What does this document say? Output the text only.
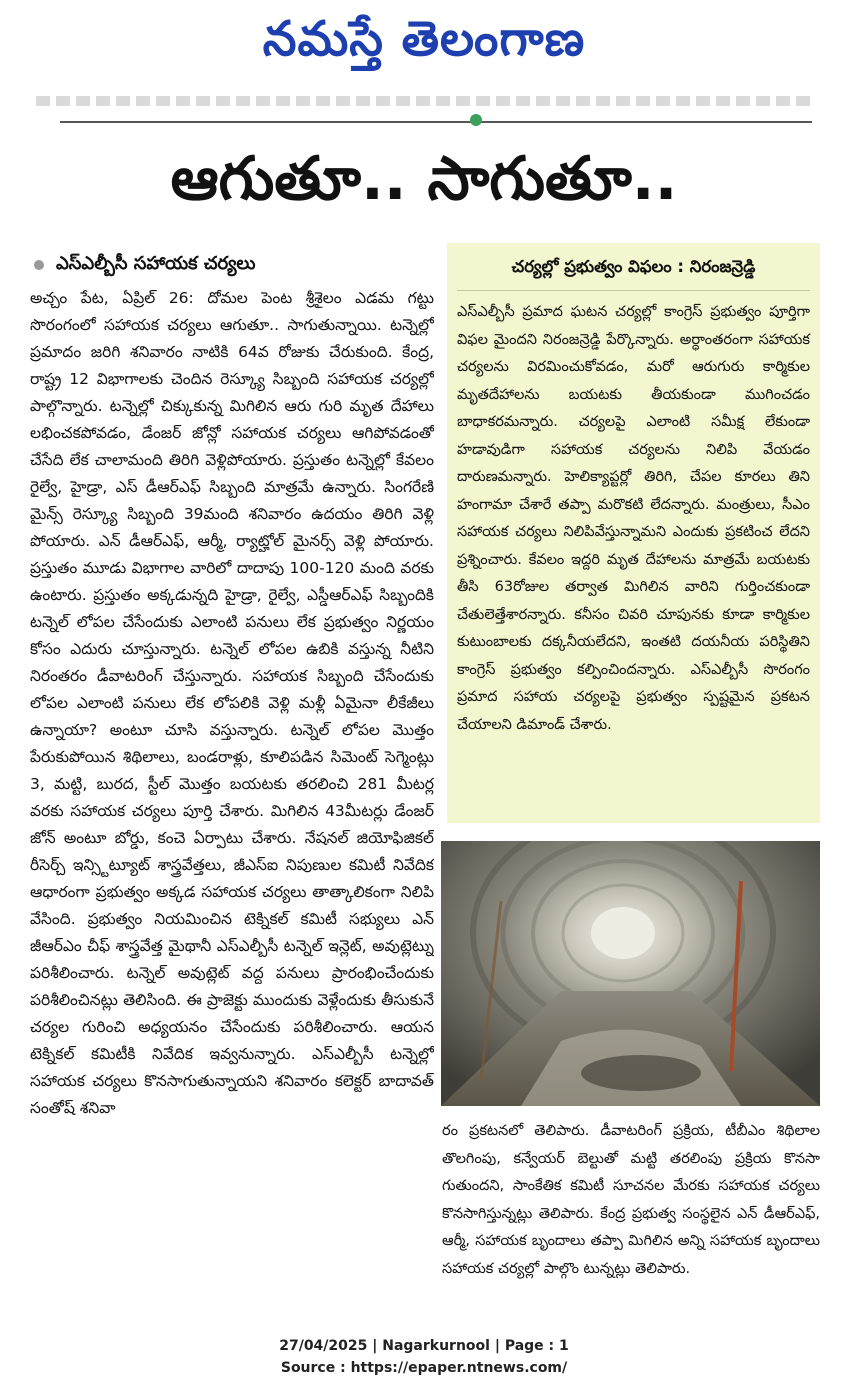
నమస్తే తెలంగాణ
ఆగుతూ.. సాగుతూ..
ఎస్ఎల్బీసీ సహాయక చర్యలు

అచ్చం పేట, ఏప్రిల్ 26: దోమల పెంట శ్రీశైలం ఎడమ గట్టు సొరంగంలో సహాయక చర్యలు ఆగుతూ.. సాగుతున్నాయి. టన్నెల్లో ప్రమాదం జరిగి శనివారం నాటికి 64వ రోజుకు చేరుకుంది. కేంద్ర, రాష్ట్ర 12 విభాగాలకు చెందిన రెస్క్యూ సిబ్బంది సహాయక చర్యల్లో పాల్గొన్నారు. టన్నెల్లో చిక్కుకున్న మిగిలిన ఆరు గురి మృత దేహాలు లభించకపోవడం, డేంజర్ జోన్లో సహాయక చర్యలు ఆగిపోవడంతో చేసేది లేక చాలామంది తిరిగి వెళ్లిపోయారు. ప్రస్తుతం టన్నెల్లో కేవలం రైల్వే, హైడ్రా, ఎస్ డీఆర్ఎఫ్ సిబ్బంది మాత్రమే ఉన్నారు. సింగరేణి మైన్స్ రెస్క్యూ సిబ్బంది 39మంది శనివారం ఉదయం తిరిగి వెళ్లి పోయారు. ఎన్ డీఆర్ఎఫ్, ఆర్మీ, ర్యాట్హోల్ మైనర్స్ వెళ్లి పోయారు. ప్రస్తుతం మూడు విభాగాల వారిలో దాదాపు 100-120 మంది వరకు ఉంటారు. ప్రస్తుతం అక్కడున్నది హైడ్రా, రైల్వే, ఎస్డీఆర్ఎఫ్ సిబ్బందికి టన్నెల్ లోపల చేసేందుకు ఎలాంటి పనులు లేక ప్రభుత్వం నిర్ణయం కోసం ఎదురు చూస్తున్నారు. టన్నెల్ లోపల ఉబికి వస్తున్న నీటిని నిరంతరం డీవాటరింగ్ చేస్తున్నారు. సహాయక సిబ్బంది చేసేందుకు లోపల ఎలాంటి పనులు లేక లోపలికి వెళ్లి మళ్లీ ఏమైనా లీకేజీలు ఉన్నాయా? అంటూ చూసి వస్తున్నారు. టన్నెల్ లోపల మొత్తం పేరుకుపోయిన శిథిలాలు, బండరాళ్లు, కూలిపడిన సిమెంట్ సెగ్మెంట్లు 3, మట్టి, బురద, స్టీల్ మొత్తం బయటకు తరలించి 281 మీటర్ల వరకు సహాయక చర్యలు పూర్తి చేశారు. మిగిలిన 43మీటర్లు డేంజర్ జోన్ అంటూ బోర్డు, కంచె ఏర్పాటు చేశారు. నేషనల్ జియోఫిజికల్ రీసెర్చ్ ఇన్స్టిట్యూట్ శాస్త్రవేత్తలు, జీఎస్ఐ నిపుణుల కమిటీ నివేదిక ఆధారంగా ప్రభుత్వం అక్కడ సహాయక చర్యలు తాత్కాలికంగా నిలిపి వేసింది. ప్రభుత్వం నియమించిన టెక్నికల్ కమిటీ సభ్యులు ఎన్ జీఆర్ఎం చీఫ్ శాస్త్రవేత్త మైథానీ ఎస్ఎల్బీసీ టన్నెల్ ఇన్లెట్, అవుట్లెట్ను పరిశీలించారు. టన్నెల్ అవుట్లెట్ వద్ద పనులు ప్రారంభించేందుకు పరిశీలించినట్లు తెలిసింది. ఈ ప్రాజెక్టు ముందుకు వెళ్లేందుకు తీసుకునే చర్యల గురించి అధ్యయనం చేసేందుకు పరిశీలించారు. ఆయన టెక్నికల్ కమిటీకి నివేదిక ఇవ్వనున్నారు. ఎస్ఎల్బీసీ టన్నెల్లో సహాయక చర్యలు కొనసాగుతున్నాయని శనివారం కలెక్టర్ బాదావత్ సంతోష్ శనివా

చర్యల్లో ప్రభుత్వం విఫలం : నిరంజన్రెడ్డి

ఎస్ఎల్బీసీ ప్రమాద ఘటన చర్యల్లో కాంగ్రెస్ ప్రభుత్వం పూర్తిగా విఫల మైందని నిరంజన్రెడ్డి పేర్కొన్నారు. అర్ధాంతరంగా సహాయక చర్యలను విరమించుకోవడం, మరో ఆరుగురు కార్మికుల మృతదేహాలను బయటకు తీయకుండా ముగించడం బాధాకరమన్నారు. చర్యలపై ఎలాంటి సమీక్ష లేకుండా హడావుడిగా సహాయక చర్యలను నిలిపి వేయడం దారుణమన్నారు. హెలిక్యాప్టర్లో తిరిగి, చేపల కూరలు తిని హంగామా చేశారే తప్పా మరొకటి లేదన్నారు. మంత్రులు, సీఎం సహాయక చర్యలు నిలిపివేస్తున్నామని ఎందుకు ప్రకటించ లేదని ప్రశ్నించారు. కేవలం ఇద్దరి మృత దేహాలను మాత్రమే బయటకు తీసి 63రోజుల తర్వాత మిగిలిన వారిని గుర్తించకుండా చేతులెత్తేశారన్నారు. కనీసం చివరి చూపునకు కూడా కార్మికుల కుటుంబాలకు దక్కనీయలేదని, ఇంతటి దయనీయ పరిస్థితిని కాంగ్రెస్ ప్రభుత్వం కల్పించిందన్నారు. ఎస్ఎల్బీసీ సొరంగం ప్రమాద సహాయ చర్యలపై ప్రభుత్వం స్పష్టమైన ప్రకటన చేయాలని డిమాండ్ చేశారు.

రం ప్రకటనలో తెలిపారు. డీవాటరింగ్ ప్రక్రియ, టీబీఎం శిథిలాల తొలగింపు, కన్వేయర్ బెల్టుతో మట్టి తరలింపు ప్రక్రియ కొనసా గుతుందని, సాంకేతిక కమిటీ సూచనల మేరకు సహాయక చర్యలు కొనసాగిస్తున్నట్లు తెలిపారు. కేంద్ర ప్రభుత్వ సంస్థలైన ఎన్ డీఆర్ఎఫ్, ఆర్మీ, సహాయక బృందాలు తప్పా మిగిలిన అన్ని సహాయక బృందాలు సహాయక చర్యల్లో పాల్గొం టున్నట్లు తెలిపారు.

27/04/2025 | Nagarkurnool | Page : 1
Source : https://epaper.ntnews.com/
